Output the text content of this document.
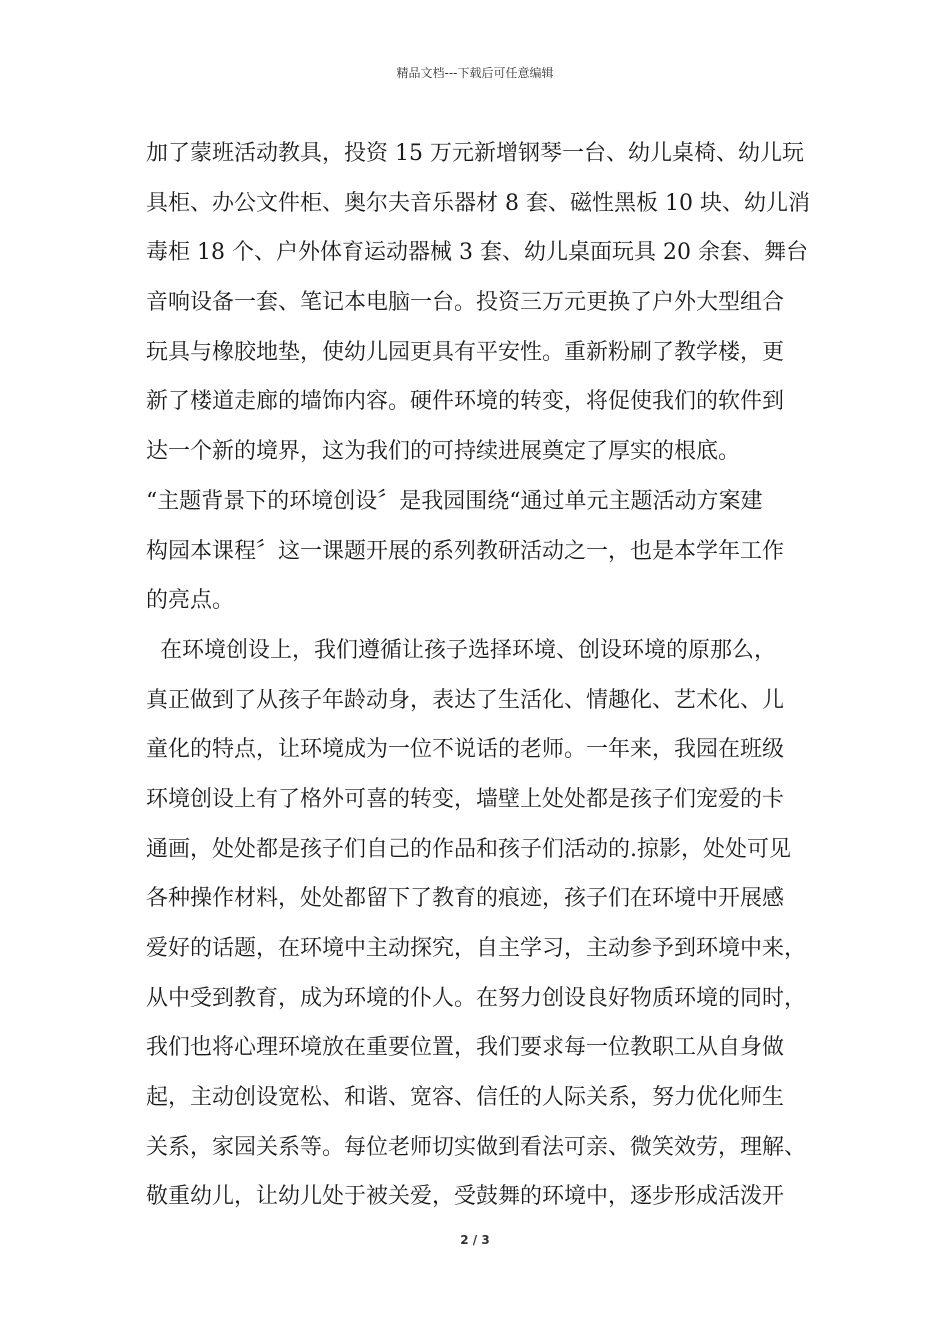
精品文档---下载后可任意编辑
加了蒙班活动教具，投资 15 万元新增钢琴一台、幼儿桌椅、幼儿玩
具柜、办公文件柜、奥尔夫音乐器材 8 套、磁性黑板 10 块、幼儿消
毒柜 18 个、户外体育运动器械 3 套、幼儿桌面玩具 20 余套、舞台
音响设备一套、笔记本电脑一台。投资三万元更换了户外大型组合
玩具与橡胶地垫，使幼儿园更具有平安性。重新粉刷了教学楼，更
新了楼道走廊的墙饰内容。硬件环境的转变，将促使我们的软件到
达一个新的境界，这为我们的可持续进展奠定了厚实的根底。
“主题背景下的环境创设〞是我园围绕“通过单元主题活动方案建
构园本课程〞这一课题开展的系列教研活动之一，也是本学年工作
的亮点。
在环境创设上，我们遵循让孩子选择环境、创设环境的原那么，
真正做到了从孩子年龄动身，表达了生活化、情趣化、艺术化、儿
童化的特点，让环境成为一位不说话的老师。一年来，我园在班级
环境创设上有了格外可喜的转变，墙壁上处处都是孩子们宠爱的卡
通画，处处都是孩子们自己的作品和孩子们活动的.掠影，处处可见
各种操作材料，处处都留下了教育的痕迹，孩子们在环境中开展感
爱好的话题，在环境中主动探究，自主学习，主动参予到环境中来，
从中受到教育，成为环境的仆人。在努力创设良好物质环境的同时，
我们也将心理环境放在重要位置，我们要求每一位教职工从自身做
起，主动创设宽松、和谐、宽容、信任的人际关系，努力优化师生
关系，家园关系等。每位老师切实做到看法可亲、微笑效劳，理解、
敬重幼儿，让幼儿处于被关爱，受鼓舞的环境中，逐步形成活泼开
2 / 3
